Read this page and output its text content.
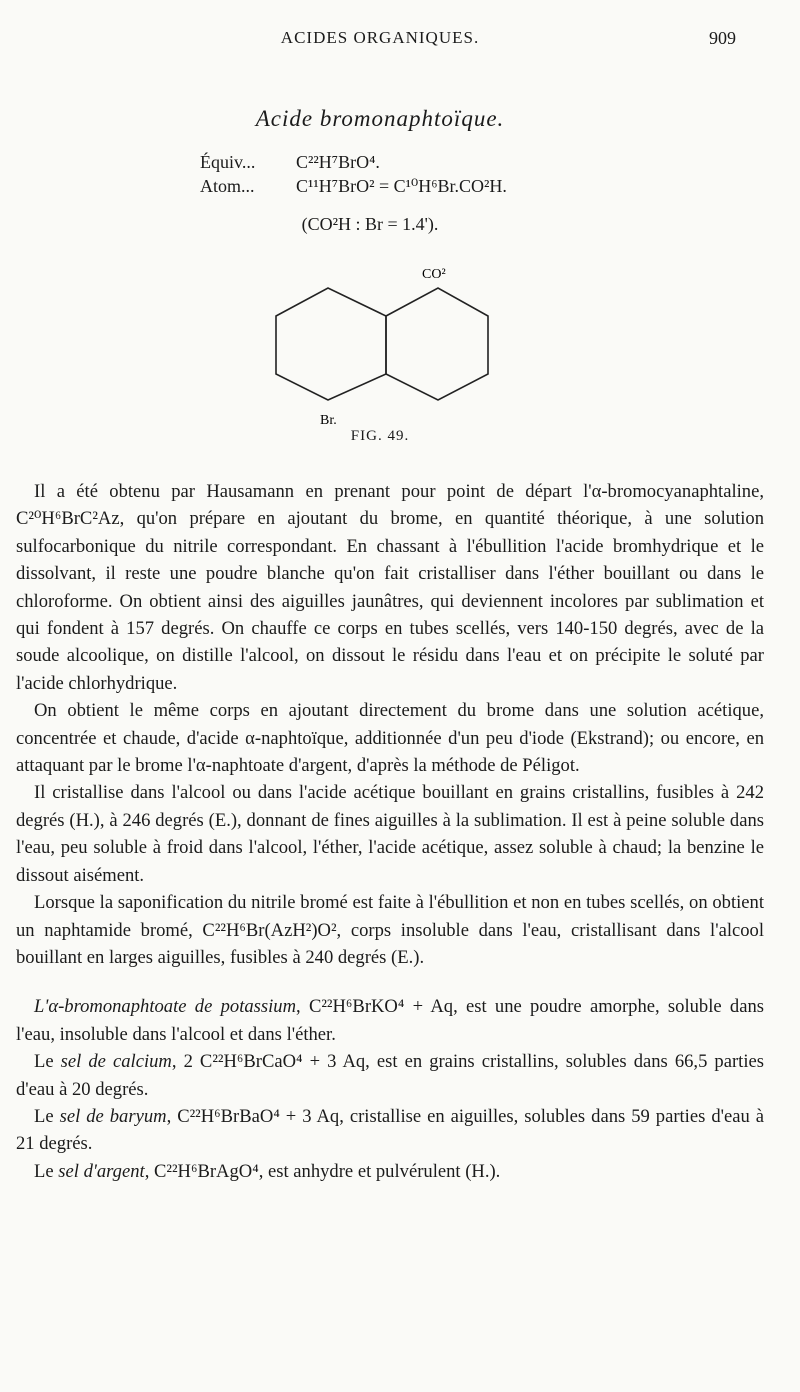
ACIDES ORGANIQUES.	909
Acide bromonaphtoïque.
Équiv... C²²H⁷BrO⁴.
Atom... C¹¹H⁷BrO² = C¹⁰H⁶Br.CO²H.
(CO²H : Br = 1.4').
CO²
Br.
FIG. 49.

Il a été obtenu par Hausamann en prenant pour point de départ l'α-bromocyanaphtaline, C²⁰H⁶BrC²Az, qu'on prépare en ajoutant du brome, en quantité théorique, à une solution sulfocarbonique du nitrile correspondant. En chassant à l'ébullition l'acide bromhydrique et le dissolvant, il reste une poudre blanche qu'on fait cristalliser dans l'éther bouillant ou dans le chloroforme. On obtient ainsi des aiguilles jaunâtres, qui deviennent incolores par sublimation et qui fondent à 157 degrés. On chauffe ce corps en tubes scellés, vers 140-150 degrés, avec de la soude alcoolique, on distille l'alcool, on dissout le résidu dans l'eau et on précipite le soluté par l'acide chlorhydrique.

On obtient le même corps en ajoutant directement du brome dans une solution acétique, concentrée et chaude, d'acide α-naphtoïque, additionnée d'un peu d'iode (Ekstrand); ou encore, en attaquant par le brome l'α-naphtoate d'argent, d'après la méthode de Péligot.

Il cristallise dans l'alcool ou dans l'acide acétique bouillant en grains cristallins, fusibles à 242 degrés (H.), à 246 degrés (E.), donnant de fines aiguilles à la sublimation. Il est à peine soluble dans l'eau, peu soluble à froid dans l'alcool, l'éther, l'acide acétique, assez soluble à chaud; la benzine le dissout aisément.

Lorsque la saponification du nitrile bromé est faite à l'ébullition et non en tubes scellés, on obtient un naphtamide bromé, C²²H⁶Br(AzH²)O², corps insoluble dans l'eau, cristallisant dans l'alcool bouillant en larges aiguilles, fusibles à 240 degrés (E.).

L'α-bromonaphtoate de potassium, C²²H⁶BrKO⁴ + Aq, est une poudre amorphe, soluble dans l'eau, insoluble dans l'alcool et dans l'éther.

Le sel de calcium, 2 C²²H⁶BrCaO⁴ + 3 Aq, est en grains cristallins, solubles dans 66,5 parties d'eau à 20 degrés.

Le sel de baryum, C²²H⁶BrBaO⁴ + 3 Aq, cristallise en aiguilles, solubles dans 59 parties d'eau à 21 degrés.

Le sel d'argent, C²²H⁶BrAgO⁴, est anhydre et pulvérulent (H.).
